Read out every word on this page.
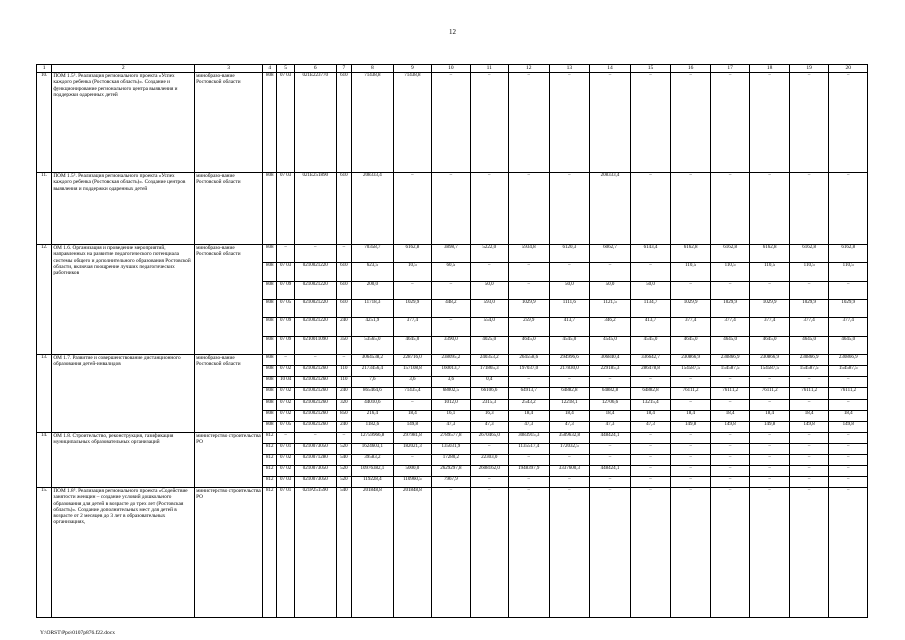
12
1	2	3	4	5	6	7	8	9	10	11	12	13	14	15	16	17	18	19	20
10.	ПОМ 1.5⁵. Реализация регионального проекта «Успех каждого ребенка (Ростовская область)». Создание и функционирование регионального центра выявления и поддержки одаренных детей	минобразо-вание Ростовской области	808	07 03	021E223770	610	71438,8	71438,8	–	–	–	–	–	–	–	–	–	–	–
11.	ПОМ 1.5⁵. Реализация регионального проекта «Успех каждого ребенка (Ростовская область)». Создание центров выявления и поддержки одаренных детей	минобразо-вание Ростовской области	808	07 03	021E251890	610	208333,4	–	–	–	–	–	208333,4	–	–	–	–	–	–
12.	ОМ 1.6. Организация и проведение мероприятий, направленных на развитие педагогического потенциала системы общего и дополнительного образования Ростовской области, включая поощрение лучших педагогических работников	минобразо-вание Ростовской области	808	–	–	–	70358,7	6162,8	3898,7	5222,0	5934,8	6120,3	6062,7	6143,4	6162,8	6162,8	6162,8	6162,8	6162,8
			808	07 03	0210021220	610	623,5	10,5	60,5	–	–	–	–	–	110,5	110,5	110,5	110,5	110,5
			808	07 09	0210021220	610	200,0	–	–	50,0	–	50,0	50,0	50,0	–	–	–	–	–
			808	07 05	0210021220	610	11718,3	1029,9	448,2	593,0	1029,9	1111,6	1121,5	1134,7	1029,9	1029,9	1029,9	1029,9	1029,9
			808	07 09	0210021220	240	4251,9	377,4	–	554,0	259,9	413,7	346,2	413,7	377,4	377,4	377,4	377,4	377,4
			808	07 09	0210011090	350	53565,0	4645,0	3390,0	4025,0	4645,0	4545,0	4545,0	4545,0	4645,0	4645,0	4645,0	4645,0	4645,0
13.	ОМ 1.7. Развитие и совершенствование дистанционного образования детей-инвалидов	минобразо-вание Ростовской области	808	–	–	–	3064538,2	228716,0	238095,2	240353,2	264558,6	294996,6	306840,4	336642,7	230866,9	230866,9	230866,9	230866,9	230866,9
			808	07 02	0210021260	110	2173456,4	157108,8	160013,7	171865,3	197037,0	217830,0	229185,3	286478,8	154587,5	154587,5	154587,5	154587,5	154587,5
			808	10 04	0210021260	110	7,6	3,6	3,6	0,4	–	–	–	–	–	–	–	–	–
			808	07 02	0210021260	240	865464,6	71435,4	68002,5	66106,6	64913,7	64882,8	64882,8	64882,8	76111,2	76111,2	76111,2	76111,2	76111,2
			808	07 02	0210021260	320	44010,6	–	1012,0	2315,3	2543,2	12218,1	12706,6	13215,4	–	–	–	–	–
			808	07 02	0210021260	850	216,4	18,4	16,1	16,3	18,4	18,4	18,4	18,4	18,4	18,4	18,4	18,4	18,4
			808	07 05	0210021260	240	1182,6	149,8	47,3	47,3	47,3	47,3	47,3	47,3	149,8	149,8	149,8	149,8	149,8
14.	ОМ 1.8. Строительство, реконструкция, газификация муниципальных образовательных организаций	министерство строительства РО	812	–	–	–	12759966,8	297981,8	2789577,8	2670465,0	3083915,3	3509632,8	448424,1	–	–	–	–	–	–
			812	07 01	0210073050	520	1624603,1	182021,3	135031,9	–	1135517,4	172032,5	–	–	–	–	–	–	–
			812	07 02	0210071280	540	39583,2	–	17280,2	22303,0	–	–	–	–	–	–	–	–	–
			812	07 02	0210073050	520	10976382,1	5000,0	2629297,8	2608162,0	1948397,9	3337600,3	448424,1	–	–	–	–	–	–
			812	07 03	0210073050	520	119228,4	110960,5	7967,9	–	–	–	–	–	–	–	–	–	–
15.	ПОМ 1.8⁵. Реализация регионального проекта «Содействие занятости женщин – создание условий дошкольного образования для детей в возрасте до трех лет (Ростовская область)». Создание дополнительных мест для детей в возрасте от 2 месяцев до 3 лет в образовательных организациях,	министерство строительства РО	812	07 01	021P251590	540	201848,8	201848,8	–	–	–	–	–	–	–	–	–	–	–
Y:\ORST\Ppo\0107p876.f22.docx
